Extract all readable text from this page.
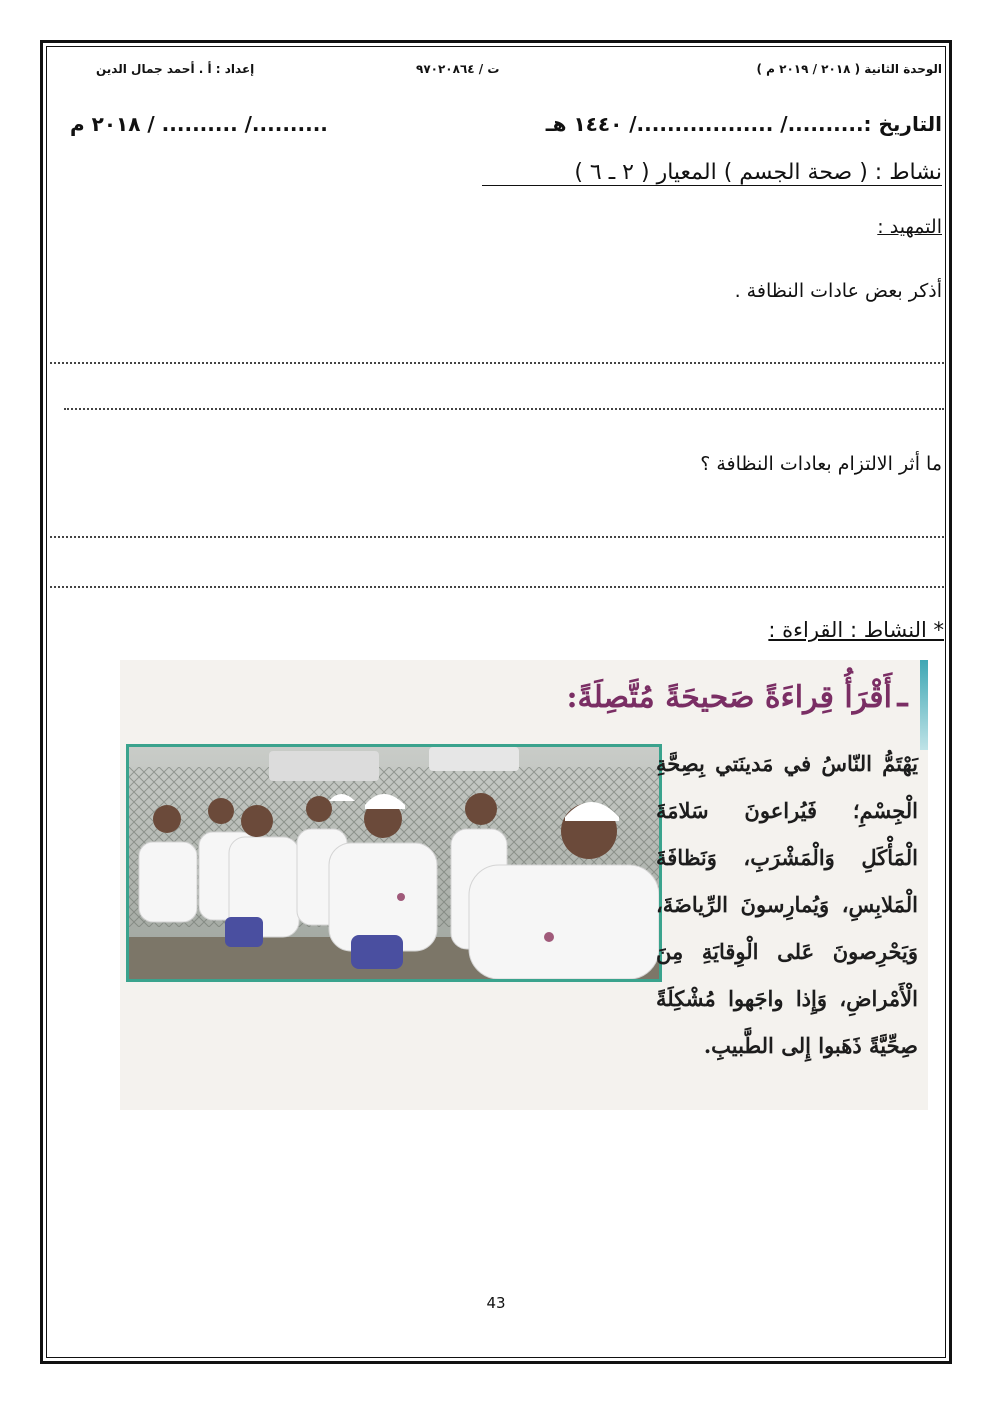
الوحدة الثانية ( ٢٠١٨ / ٢٠١٩ م )
ت / ٩٧٠٢٠٨٦٤
إعداد : أ . أحمد جمال الدين
التاريخ :........../ ................../ ١٤٤٠ هـ
........../ .......... / ٢٠١٨ م
نشاط : ( صحة الجسم ) المعيار ( ٢ ـ ٦ )
التمهيد :
أذكر بعض عادات النظافة .
ما أثر الالتزام بعادات النظافة ؟
* النشاط : القراءة :
–
أَقْرَأُ قِراءَةً صَحيحَةً مُتَّصِلَةً:
يَهْتَمُّ النّاسُ في مَدينَتي بِصِحَّةِ الْجِسْمِ؛ فَيُراعونَ سَلامَةَ الْمَأْكَلِ وَالْمَشْرَبِ، وَنَظافَةَ الْمَلابِسِ، وَيُمارِسونَ الرِّياضَةَ، وَيَحْرِصونَ عَلى الْوِقايَةِ مِنَ الْأَمْراضِ، وَإِذا واجَهوا مُشْكِلَةً صِحِّيَّةً ذَهَبوا إِلى الطَّبيبِ.
43
